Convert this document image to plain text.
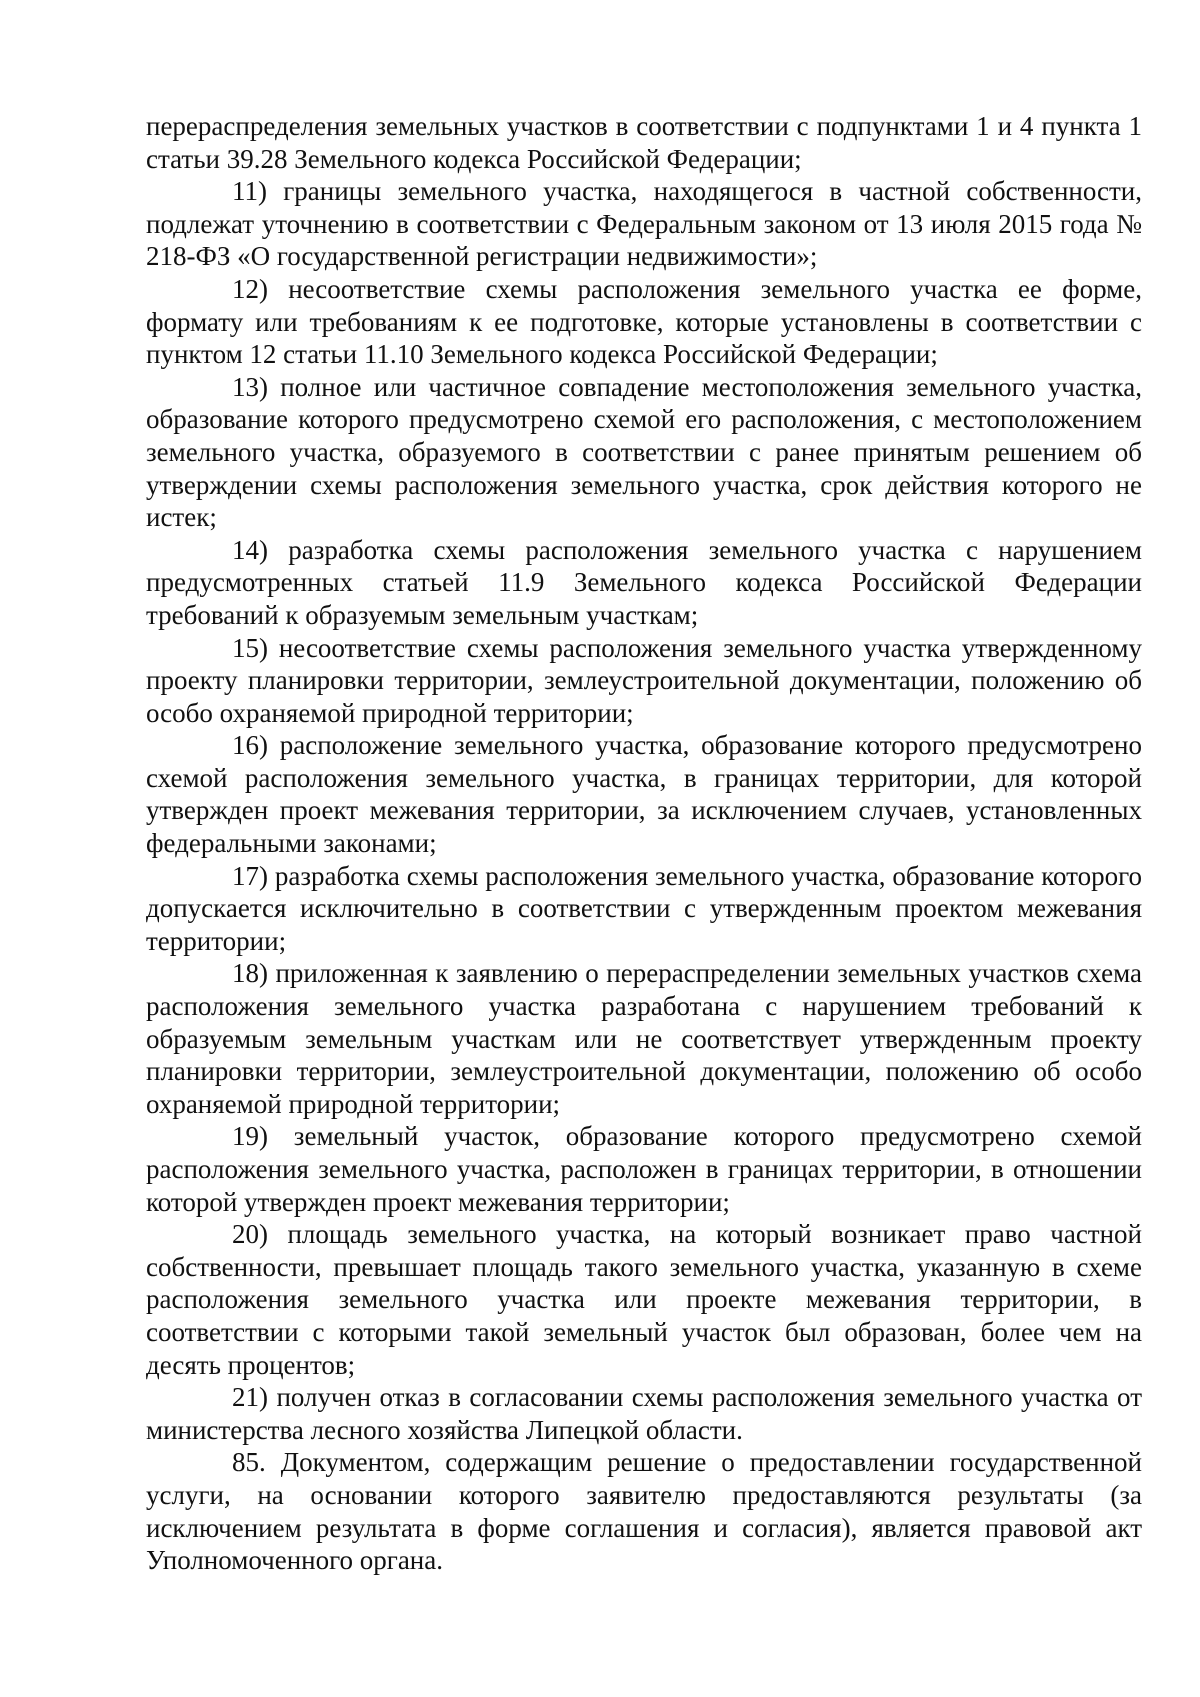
перераспределения земельных участков в соответствии с подпунктами 1 и 4 пункта 1 статьи 39.28 Земельного кодекса Российской Федерации;

11) границы земельного участка, находящегося в частной собственности, подлежат уточнению в соответствии с Федеральным законом от 13 июля 2015 года № 218-ФЗ «О государственной регистрации недвижимости»;

12) несоответствие схемы расположения земельного участка ее форме, формату или требованиям к ее подготовке, которые установлены в соответствии с пунктом 12 статьи 11.10 Земельного кодекса Российской Федерации;

13) полное или частичное совпадение местоположения земельного участка, образование которого предусмотрено схемой его расположения, с местоположением земельного участка, образуемого в соответствии с ранее принятым решением об утверждении схемы расположения земельного участка, срок действия которого не истек;

14) разработка схемы расположения земельного участка с нарушением предусмотренных статьей 11.9 Земельного кодекса Российской Федерации требований к образуемым земельным участкам;

15) несоответствие схемы расположения земельного участка утвержденному проекту планировки территории, землеустроительной документации, положению об особо охраняемой природной территории;

16) расположение земельного участка, образование которого предусмотрено схемой расположения земельного участка, в границах территории, для которой утвержден проект межевания территории, за исключением случаев, установленных федеральными законами;

17) разработка схемы расположения земельного участка, образование которого допускается исключительно в соответствии с утвержденным проектом межевания территории;

18) приложенная к заявлению о перераспределении земельных участков схема расположения земельного участка разработана с нарушением требований к образуемым земельным участкам или не соответствует утвержденным проекту планировки территории, землеустроительной документации, положению об особо охраняемой природной территории;

19) земельный участок, образование которого предусмотрено схемой расположения земельного участка, расположен в границах территории, в отношении которой утвержден проект межевания территории;

20) площадь земельного участка, на который возникает право частной собственности, превышает площадь такого земельного участка, указанную в схеме расположения земельного участка или проекте межевания территории, в соответствии с которыми такой земельный участок был образован, более чем на десять процентов;

21) получен отказ в согласовании схемы расположения земельного участка от министерства лесного хозяйства Липецкой области.

85. Документом, содержащим решение о предоставлении государственной услуги, на основании которого заявителю предоставляются результаты (за исключением результата в форме соглашения и согласия), является правовой акт Уполномоченного органа.
